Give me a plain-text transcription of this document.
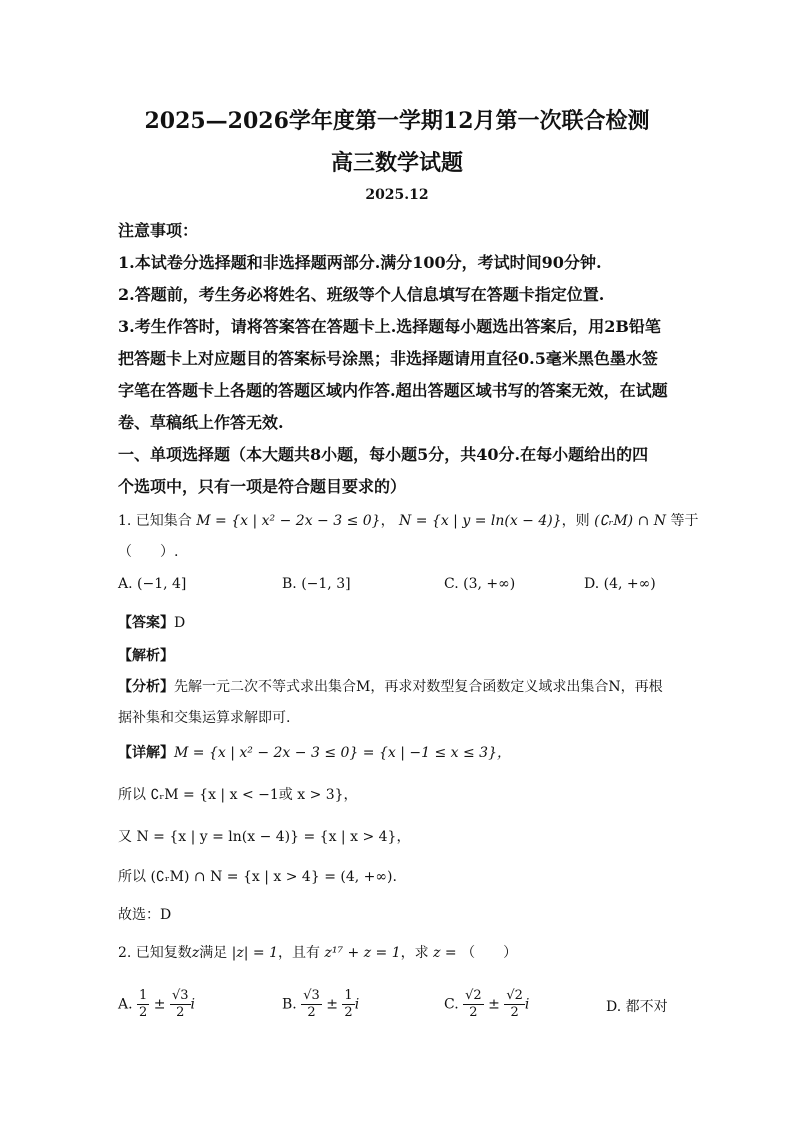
2025—2026学年度第一学期12月第一次联合检测
高三数学试题
2025.12
注意事项：
1.本试卷分选择题和非选择题两部分.满分100分，考试时间90分钟.
2.答题前，考生务必将姓名、班级等个人信息填写在答题卡指定位置.
3.考生作答时，请将答案答在答题卡上.选择题每小题选出答案后，用2B铅笔
把答题卡上对应题目的答案标号涂黑；非选择题请用直径0.5毫米黑色墨水签
字笔在答题卡上各题的答题区域内作答.超出答题区域书写的答案无效，在试题
卷、草稿纸上作答无效.
一、单项选择题（本大题共8小题，每小题5分，共40分.在每小题给出的四
个选项中，只有一项是符合题目要求的）
1. 已知集合 M = {x | x² − 2x − 3 ≤ 0}， N = {x | y = ln(x − 4)}，则 (∁ᵣM) ∩ N 等于
（　　）.
A. (−1, 4]	B. (−1, 3]	C. (3, +∞)	D. (4, +∞)
【答案】D
【解析】
【分析】先解一元二次不等式求出集合M，再求对数型复合函数定义域求出集合N，再根
据补集和交集运算求解即可.
【详解】M = {x | x² − 2x − 3 ≤ 0} = {x | −1 ≤ x ≤ 3}，
所以 ∁ᵣM = {x | x < −1或 x > 3}，
又 N = {x | y = ln(x − 4)} = {x | x > 4}，
所以 (∁ᵣM) ∩ N = {x | x > 4} = (4, +∞).
故选：D
2. 已知复数z满足 |z| = 1，且有 z¹⁷ + z = 1，求 z = （　　）
A. $\frac{1}{2} \pm \frac{√3}{2}$ i	B. $\frac{√3}{2} \pm \frac{1}{2}$ i	C. $\frac{√2}{2} \pm \frac{√2}{2}$ i	D. 都不对
